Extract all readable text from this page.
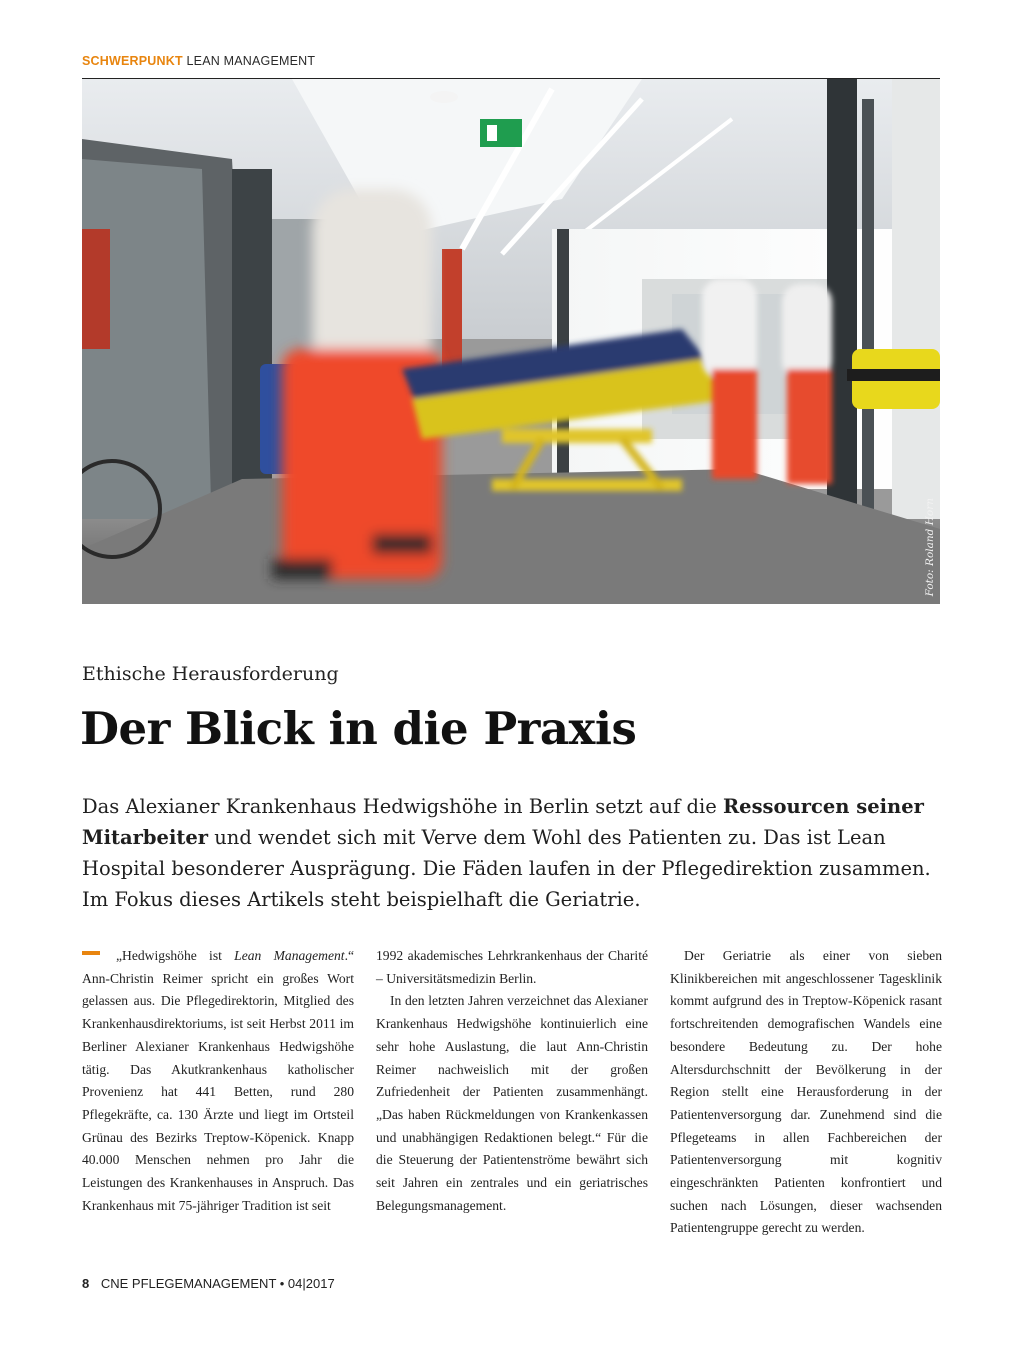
SCHWERPUNKT LEAN MANAGEMENT
Foto: Roland Horn
Ethische Herausforderung
Der Blick in die Praxis
Das Alexianer Krankenhaus Hedwigshöhe in Berlin setzt auf die Ressourcen seiner Mitarbeiter und wendet sich mit Verve dem Wohl des Patienten zu. Das ist Lean Hospital besonderer Ausprägung. Die Fäden laufen in der Pflegedirektion zusammen. Im Fokus dieses Artikels steht beispielhaft die Geriatrie.

„Hedwigshöhe ist Lean Management.“ Ann-Christin Reimer spricht ein großes Wort gelassen aus. Die Pflegedirektorin, Mitglied des Krankenhausdirektoriums, ist seit Herbst 2011 im Berliner Alexianer Krankenhaus Hedwigshöhe tätig. Das Akutkrankenhaus katholischer Provenienz hat 441 Betten, rund 280 Pflegekräfte, ca. 130 Ärzte und liegt im Ortsteil Grünau des Bezirks Treptow-Köpenick. Knapp 40.000 Menschen nehmen pro Jahr die Leistungen des Krankenhauses in Anspruch. Das Krankenhaus mit 75-jähriger Tradition ist seit

1992 akademisches Lehrkrankenhaus der Charité – Universitätsmedizin Berlin.

In den letzten Jahren verzeichnet das Alexianer Krankenhaus Hedwigshöhe kontinuierlich eine sehr hohe Auslastung, die laut Ann-Christin Reimer nachweislich mit der großen Zufriedenheit der Patienten zusammenhängt. „Das haben Rückmeldungen von Krankenkassen und unabhängigen Redaktionen belegt.“ Für die die Steuerung der Patientenströme bewährt sich seit Jahren ein zentrales und ein geriatrisches Belegungsmanagement.

Der Geriatrie als einer von sieben Klinikbereichen mit angeschlossener Tagesklinik kommt aufgrund des in Treptow-Köpenick rasant fortschreitenden demografischen Wandels eine besondere Bedeutung zu. Der hohe Altersdurchschnitt der Bevölkerung in der Region stellt eine Herausforderung in der Patientenversorgung dar. Zunehmend sind die Pflegeteams in allen Fachbereichen der Patientenversorgung mit kognitiv eingeschränkten Patienten konfrontiert und suchen nach Lösungen, dieser wachsenden Patientengruppe gerecht zu werden.

8 CNE PFLEGEMANAGEMENT • 04|2017
